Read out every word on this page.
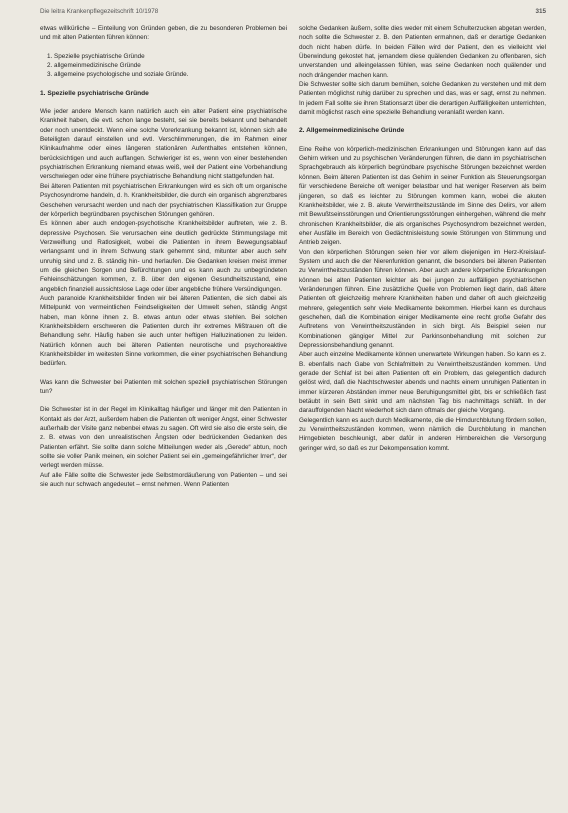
Die leitra Krankenpflegezeitschrift 10/1978	315

etwas willkürliche – Einteilung von Gründen geben, die zu besonderen Problemen bei und mit alten Patienten führen können:

1. Spezielle psychiatrische Gründe
2. allgemeinmedizinische Gründe
3. allgemeine psychologische und soziale Gründe.
1. Spezielle psychiatrische Gründe

Wie jeder andere Mensch kann natürlich auch ein alter Patient eine psychiatrische Krankheit haben, die evtl. schon lange besteht, sei sie bereits bekannt und behandelt oder noch unentdeckt. Wenn eine solche Vorerkrankung bekannt ist, können sich alle Beteiligten darauf einstellen und evtl. Verschlimmerungen, die im Rahmen einer Klinikaufnahme oder eines längeren stationären Aufenthaltes entstehen können, berücksichtigen und auch auffangen. Schwieriger ist es, wenn von einer bestehenden psychiatrischen Erkrankung niemand etwas weiß, weil der Patient eine Vorbehandlung verschwiegen oder eine frühere psychiatrische Behandlung nicht stattgefunden hat.

Bei älteren Patienten mit psychiatrischen Erkrankungen wird es sich oft um organische Psychosyndrome handeln, d. h. Krankheitsbilder, die durch ein organisch abgrenzbares Geschehen verursacht werden und nach der psychiatrischen Klassifikation zur Gruppe der körperlich begründbaren psychischen Störungen gehören.

Es können aber auch endogen-psychotische Krankheitsbilder auftreten, wie z. B. depressive Psychosen. Sie verursachen eine deutlich gedrückte Stimmungslage mit Verzweiflung und Ratlosigkeit, wobei die Patienten in ihrem Bewegungsablauf verlangsamt und in ihrem Schwung stark gehemmt sind, mitunter aber auch sehr unruhig sind und z. B. ständig hin- und herlaufen. Die Gedanken kreisen meist immer um die gleichen Sorgen und Befürchtungen und es kann auch zu unbegründeten Fehleinschätzungen kommen, z. B. über den eigenen Gesundheitszustand, eine angeblich finanziell aussichtslose Lage oder über angebliche frühere Versündigungen.

Auch paranoide Krankheitsbilder finden wir bei älteren Patienten, die sich dabei als Mittelpunkt von vermeintlichen Feindseligkeiten der Umwelt sehen, ständig Angst haben, man könne ihnen z. B. etwas antun oder etwas stehlen. Bei solchen Krankheitsbildern erschweren die Patienten durch ihr extremes Mißtrauen oft die Behandlung sehr. Häufig haben sie auch unter heftigen Halluzinationen zu leiden. Natürlich können auch bei älteren Patienten neurotische und psychoreaktive Krankheitsbilder im weitesten Sinne vorkommen, die einer psychiatrischen Behandlung bedürfen.

Was kann die Schwester bei Patienten mit solchen speziell psychiatrischen Störungen tun?

Die Schwester ist in der Regel im Klinikalltag häufiger und länger mit den Patienten in Kontakt als der Arzt, außerdem haben die Patienten oft weniger Angst, einer Schwester außerhalb der Visite ganz nebenbei etwas zu sagen. Oft wird sie also die erste sein, die z. B. etwas von den unrealistischen Ängsten oder bedrückenden Gedanken des Patienten erfährt. Sie sollte dann solche Mitteilungen weder als „Gerede“ abtun, noch sollte sie voller Panik meinen, ein solcher Patient sei ein „gemeingefährlicher Irrer“, der verlegt werden müsse.

Auf alle Fälle sollte die Schwester jede Selbstmordäußerung von Patienten – und sei sie auch nur schwach angedeutet – ernst nehmen. Wenn Patienten

solche Gedanken äußern, sollte dies weder mit einem Schulterzucken abgetan werden, noch sollte die Schwester z. B. den Patienten ermahnen, daß er derartige Gedanken doch nicht haben dürfe. In beiden Fällen wird der Patient, den es vielleicht viel Überwindung gekostet hat, jemandem diese quälenden Gedanken zu offenbaren, sich unverstanden und alleingelassen fühlen, was seine Gedanken noch quälender und noch drängender machen kann.

Die Schwester sollte sich darum bemühen, solche Gedanken zu verstehen und mit dem Patienten möglichst ruhig darüber zu sprechen und das, was er sagt, ernst zu nehmen. In jedem Fall sollte sie ihren Stationsarzt über die derartigen Auffälligkeiten unterrichten, damit möglichst rasch eine spezielle Behandlung veranlaßt werden kann.

2. Allgemeinmedizinische Gründe

Eine Reihe von körperlich-medizinischen Erkrankungen und Störungen kann auf das Gehirn wirken und zu psychischen Veränderungen führen, die dann im psychiatrischen Sprachgebrauch als körperlich begründbare psychische Störungen bezeichnet werden können. Beim älteren Patienten ist das Gehirn in seiner Funktion als Steuerungsorgan für verschiedene Bereiche oft weniger belastbar und hat weniger Reserven als beim jüngeren, so daß es leichter zu Störungen kommen kann, wobei die akuten Krankheitsbilder, wie z. B. akute Verwirrtheitszustände im Sinne des Delirs, vor allem mit Bewußtseinsstörungen und Orientierungsstörungen einhergehen, während die mehr chronischen Krankheitsbilder, die als organisches Psychosyndrom bezeichnet werden, eher Ausfälle im Bereich von Gedächtnisleistung sowie Störungen von Stimmung und Antrieb zeigen.

Von den körperlichen Störungen seien hier vor allem diejenigen im Herz-Kreislauf-System und auch die der Nierenfunktion genannt, die besonders bei älteren Patienten zu Verwirrtheitszuständen führen können. Aber auch andere körperliche Erkrankungen können bei alten Patienten leichter als bei jungen zu auffälligen psychiatrischen Veränderungen führen. Eine zusätzliche Quelle von Problemen liegt darin, daß ältere Patienten oft gleichzeitig mehrere Krankheiten haben und daher oft auch gleichzeitig mehrere, gelegentlich sehr viele Medikamente bekommen. Hierbei kann es durchaus geschehen, daß die Kombination einiger Medikamente eine recht große Gefahr des Auftretens von Verwirrtheitszuständen in sich birgt. Als Beispiel seien nur Kombinationen gängiger Mittel zur Parkinsonbehandlung mit solchen zur Depressionsbehandlung genannt.

Aber auch einzelne Medikamente können unerwartete Wirkungen haben. So kann es z. B. ebenfalls nach Gabe von Schlafmitteln zu Verwirrtheitszuständen kommen. Und gerade der Schlaf ist bei alten Patienten oft ein Problem, das gelegentlich dadurch gelöst wird, daß die Nachtschwester abends und nachts einem unruhigen Patienten in immer kürzeren Abständen immer neue Beruhigungsmittel gibt, bis er schließlich fast betäubt in sein Bett sinkt und am nächsten Tag bis nachmittags schläft. In der darauffolgenden Nacht wiederholt sich dann oftmals der gleiche Vorgang.

Gelegentlich kann es auch durch Medikamente, die die Hirndurchblutung fördern sollen, zu Verwirrtheitszuständen kommen, wenn nämlich die Durchblutung in manchen Hirngebieten beschleunigt, aber dafür in anderen Hirnbereichen die Versorgung geringer wird, so daß es zur Dekompensation kommt.
